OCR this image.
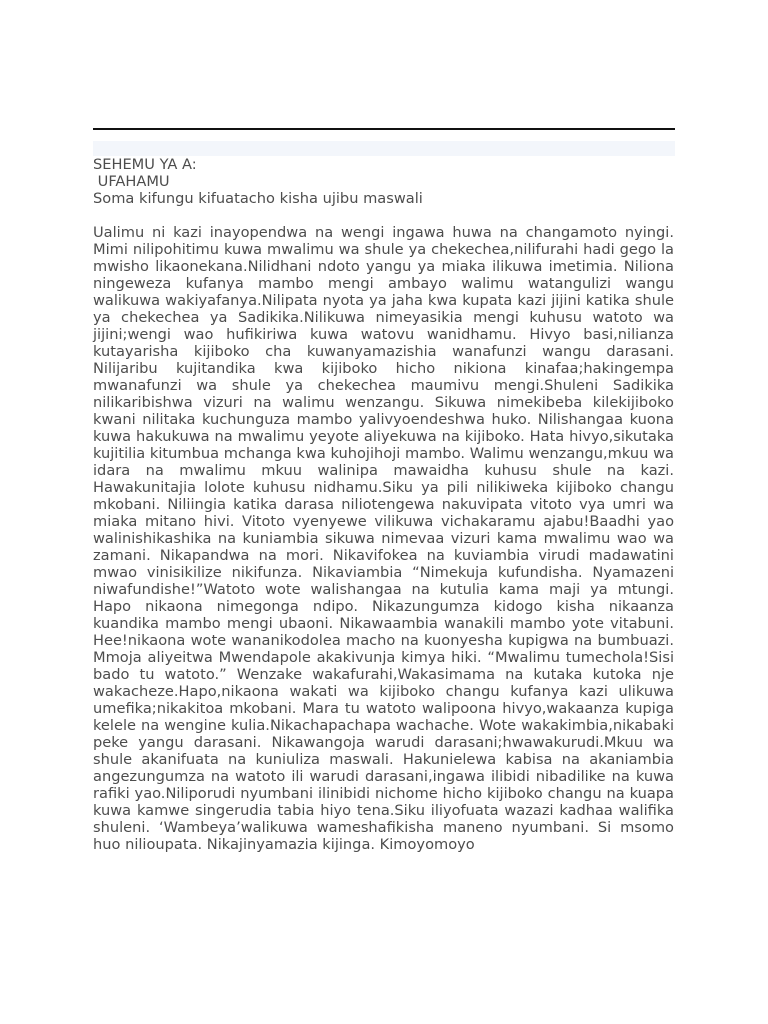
SEHEMU YA A:
UFAHAMU
Soma kifungu kifuatacho kisha ujibu maswali

Ualimu ni kazi inayopendwa na wengi ingawa huwa na changamoto nyingi. Mimi nilipohitimu kuwa mwalimu wa shule ya chekechea,nilifurahi hadi gego la mwisho likaonekana.Nilidhani ndoto yangu ya miaka ilikuwa imetimia. Niliona ningeweza kufanya mambo mengi ambayo walimu watangulizi wangu walikuwa wakiyafanya.Nilipata nyota ya jaha kwa kupata kazi jijini katika shule ya chekechea ya Sadikika.Nilikuwa nimeyasikia mengi kuhusu watoto wa jijini;wengi wao hufikiriwa kuwa watovu wanidhamu. Hivyo basi,nilianza kutayarisha kijiboko cha kuwanyamazishia wanafunzi wangu darasani. Nilijaribu kujitandika kwa kijiboko hicho nikiona kinafaa;hakingempa mwanafunzi wa shule ya chekechea maumivu mengi.Shuleni Sadikika nilikaribishwa vizuri na walimu wenzangu. Sikuwa nimekibeba kilekijiboko kwani nilitaka kuchunguza mambo yalivyoendeshwa huko. Nilishangaa kuona kuwa hakukuwa na mwalimu yeyote aliyekuwa na kijiboko. Hata hivyo,sikutaka kujitilia kitumbua mchanga kwa kuhojihoji mambo. Walimu wenzangu,mkuu wa idara na mwalimu mkuu walinipa mawaidha kuhusu shule na kazi. Hawakunitajia lolote kuhusu nidhamu.Siku ya pili nilikiweka kijiboko changu mkobani. Niliingia katika darasa niliotengewa nakuvipata vitoto vya umri wa miaka mitano hivi. Vitoto vyenyewe vilikuwa vichakaramu ajabu!Baadhi yao walinishikashika na kuniambia sikuwa nimevaa vizuri kama mwalimu wao wa zamani. Nikapandwa na mori. Nikavifokea na kuviambia virudi madawatini mwao vinisikilize nikifunza. Nikaviambia “Nimekuja kufundisha. Nyamazeni niwafundishe!”Watoto wote walishangaa na kutulia kama maji ya mtungi. Hapo nikaona nimegonga ndipo. Nikazungumza kidogo kisha nikaanza kuandika mambo mengi ubaoni. Nikawaambia wanakili mambo yote vitabuni. Hee!nikaona wote wananikodolea macho na kuonyesha kupigwa na bumbuazi. Mmoja aliyeitwa Mwendapole akakivunja kimya hiki. “Mwalimu tumechola!Sisi bado tu watoto.” Wenzake wakafurahi,Wakasimama na kutaka kutoka nje wakacheze.Hapo,nikaona wakati wa kijiboko changu kufanya kazi ulikuwa umefika;nikakitoa mkobani. Mara tu watoto walipoona hivyo,wakaanza kupiga kelele na wengine kulia.Nikachapachapa wachache. Wote wakakimbia,nikabaki peke yangu darasani. Nikawangoja warudi darasani;hwawakurudi.Mkuu wa shule akanifuata na kuniuliza maswali. Hakunielewa kabisa na akaniambia angezungumza na watoto ili warudi darasani,ingawa ilibidi nibadilike na kuwa rafiki yao.Niliporudi nyumbani ilinibidi nichome hicho kijiboko changu na kuapa kuwa kamwe singerudia tabia hiyo tena.Siku iliyofuata wazazi kadhaa walifika shuleni. ‘Wambeya’walikuwa wameshafikisha maneno nyumbani. Si msomo huo nilioupata. Nikajinyamazia kijinga. Kimoyomoyo
